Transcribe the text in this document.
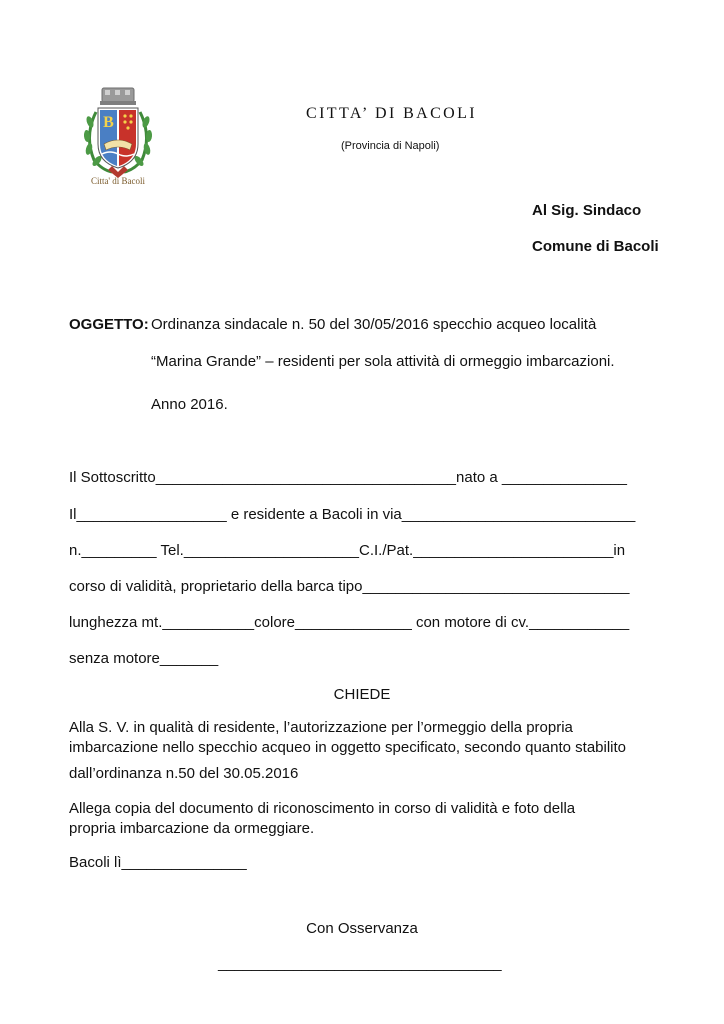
B
Citta' di Bacoli
CITTA’ DI BACOLI
(Provincia di Napoli)
Al Sig. Sindaco
Comune di Bacoli
OGGETTO: Ordinanza sindacale n. 50 del 30/05/2016 specchio acqueo località
“Marina Grande” – residenti per sola attività di ormeggio imbarcazioni.
Anno 2016.
Il Sottoscritto____________________________________nato a _______________
Il__________________ e residente a Bacoli in via____________________________
n._________ Tel._____________________C.I./Pat.________________________in
corso di validità, proprietario della barca tipo________________________________
lunghezza mt.___________colore______________ con motore di cv.____________
senza motore_______
CHIEDE
Alla S. V. in qualità di residente, l’autorizzazione per l’ormeggio della propria
imbarcazione nello specchio acqueo in oggetto specificato, secondo quanto stabilito
dall’ordinanza n.50 del 30.05.2016
Allega copia del documento di riconoscimento in corso di validità e foto della
propria imbarcazione da ormeggiare.
Bacoli lì_______________
Con Osservanza
__________________________________
